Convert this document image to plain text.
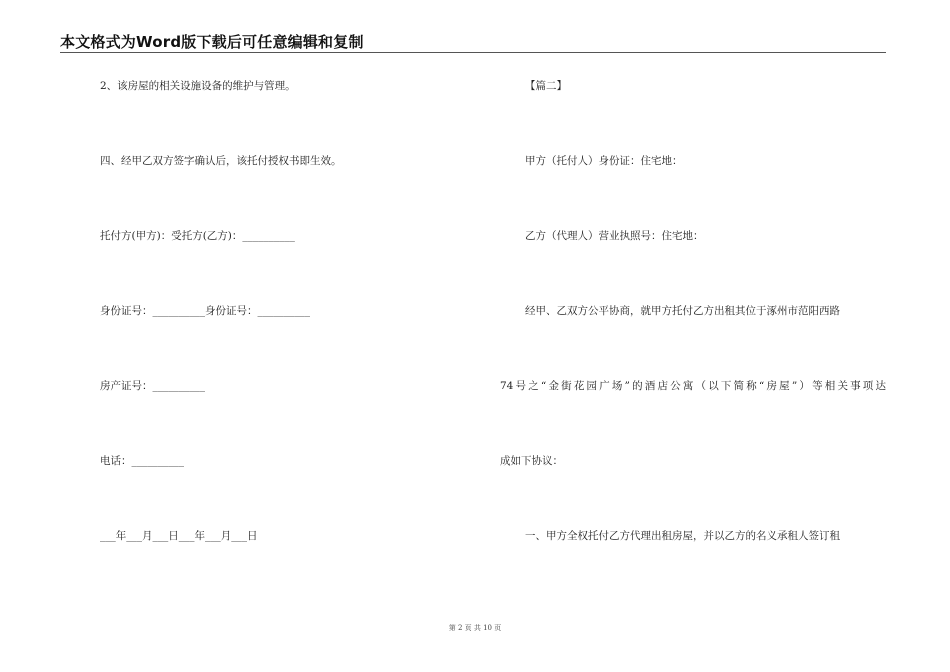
本文格式为Word版下载后可任意编辑和复制
2、该房屋的相关设施设备的维护与管理。
四、经甲乙双方签字确认后，该托付授权书即生效。
托付方(甲方)：受托方(乙方)：__________
身份证号：__________身份证号：__________
房产证号：__________
电话：__________
___年___月___日___年___月___日
【篇二】
甲方（托付人）身份证：住宅地：
乙方（代理人）营业执照号：住宅地：
经甲、乙双方公平协商，就甲方托付乙方出租其位于涿州市范阳西路
74号之“金街花园广场”的酒店公寓（以下简称“房屋”）等相关事项达
成如下协议：
一、甲方全权托付乙方代理出租房屋，并以乙方的名义承租人签订租
第 2 页 共 10 页
